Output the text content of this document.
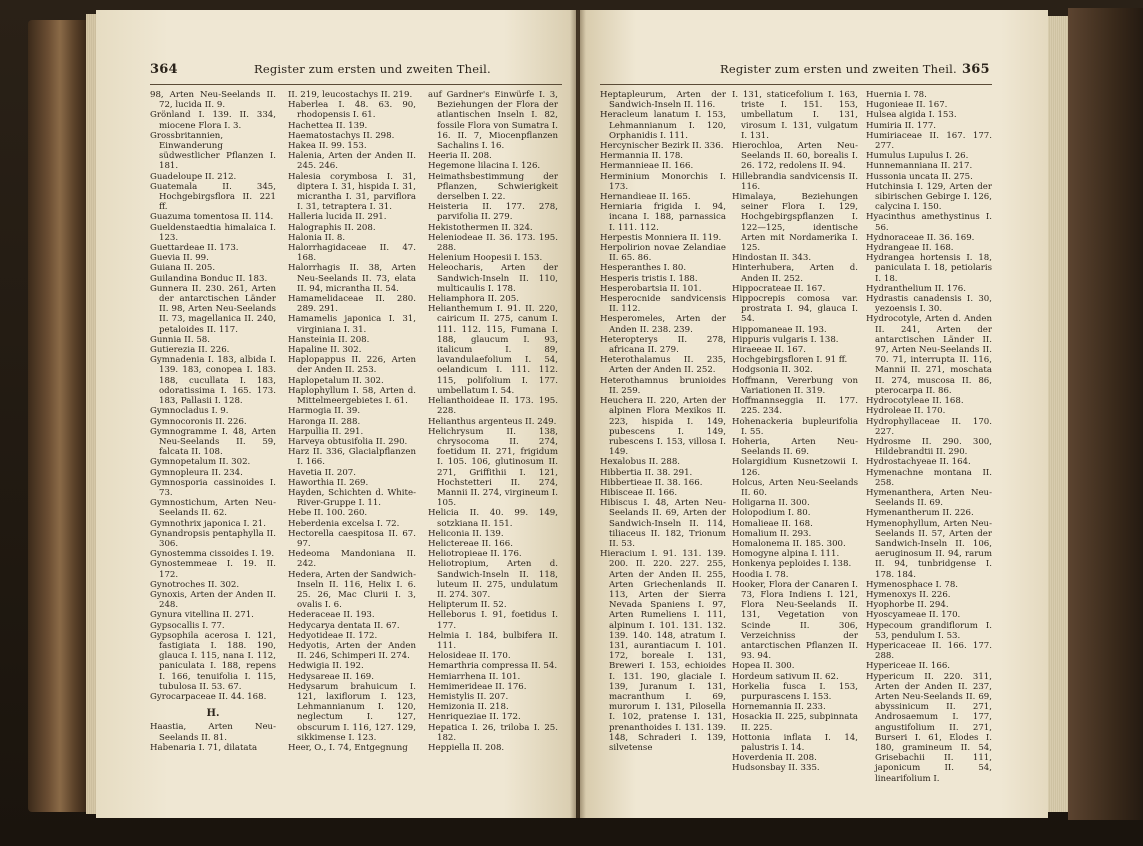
364	Register zum ersten und zweiten Theil.

98, Arten Neu-Seelands II. 72, lucida II. 9.

Grönland I. 139. II. 334, miocene Flora I. 3.

Grossbritannien, Einwanderung südwestlicher Pflanzen I. 181.

Guadeloupe II. 212.

Guatemala II. 345, Hochgebirgsflora II. 221 ff.

Guazuma tomentosa II. 114.

Gueldenstaedtia himalaica I. 123.

Guettardeae II. 173.

Guevia II. 99.

Guiana II. 205.

Guilandina Bonduc II. 183.

Gunnera II. 230. 261, Arten der antarctischen Länder II. 98, Arten Neu-Seelands II. 73, magellanica II. 240, petaloides II. 117.

Gunnia II. 58.

Gutierezia II. 226.

Gymnadenia I. 183, albida I. 139. 183, conopea I. 183. 188, cucullata I. 183, odoratissima I. 165. 173. 183, Pallasii I. 128.

Gymnocladus I. 9.

Gymnocoronis II. 226.

Gymnogramme I. 48, Arten Neu-Seelands II. 59, falcata II. 108.

Gymnopetalum II. 302.

Gymnopleura II. 234.

Gymnosporia cassinoides I. 73.

Gymnostichum, Arten Neu-Seelands II. 62.

Gymnothrix japonica I. 21.

Gynandropsis pentaphylla II. 306.

Gynostemma cissoides I. 19.

Gynostemmeae I. 19. II. 172.

Gynotroches II. 302.

Gynoxis, Arten der Anden II. 248.

Gynura vitellina II. 271.

Gypsocallis I. 77.

Gypsophila acerosa I. 121, fastigiata I. 188. 190, glauca I. 115, nana I. 112, paniculata I. 188, repens I. 166, tenuifolia I. 115, tubulosa II. 53. 67.

Gyrocarpaceae II. 44. 168.

H.

Haastia, Arten Neu-Seelands II. 81.

Habenaria I. 71, dilatata

II. 219, leucostachys II. 219.

Haberlea I. 48. 63. 90, rhodopensis I. 61.

Hachettea II. 139.

Haematostachys II. 298.

Hakea II. 99. 153.

Halenia, Arten der Anden II. 245. 246.

Halesia corymbosa I. 31, diptera I. 31, hispida I. 31, micrantha I. 31, parviflora I. 31, tetraptera I. 31.

Halleria lucida II. 291.

Halographis II. 208.

Halonia II. 8.

Halorrhagidaceae II. 47. 168.

Halorrhagis II. 38, Arten Neu-Seelands II. 73, elata II. 94, micrantha II. 54.

Hamamelidaceae II. 280. 289. 291.

Hamamelis japonica I. 31, virginiana I. 31.

Hansteinia II. 208.

Hapaline II. 302.

Haplopappus II. 226, Arten der Anden II. 253.

Haplopetalum II. 302.

Haplophyllum I. 58, Arten d. Mittelmeergebietes I. 61.

Harmogia II. 39.

Haronga II. 288.

Harpullia II. 291.

Harveya obtusifolia II. 290.

Harz II. 336, Glacialpflanzen I. 166.

Havetia II. 207.

Haworthia II. 269.

Hayden, Schichten d. White-River-Gruppe I. 11.

Hebe II. 100. 260.

Heberdenia excelsa I. 72.

Hectorella caespitosa II. 67. 97.

Hedeoma Mandoniana II. 242.

Hedera, Arten der Sandwich-Inseln II. 116, Helix I. 6. 25. 26, Mac Clurii I. 3, ovalis I. 6.

Hederaceae II. 193.

Hedycarya dentata II. 67.

Hedyotideae II. 172.

Hedyotis, Arten der Anden II. 246, Schimperi II. 274.

Hedwigia II. 192.

Hedysareae II. 169.

Hedysarum brahuicum I. 121, laxiflorum I. 123, Lehmannianum I. 120, neglectum I. 127, obscurum I. 116, 127. 129, sikkimense I. 123.

Heer, O., I. 74, Entgegnung

auf Gardner's Einwürfe I. 3, Beziehungen der Flora der atlantischen Inseln I. 82, fossile Flora von Sumatra I. 16. II. 7, Miocenpflanzen Sachalins I. 16.

Heeria II. 208.

Hegemone lilacina I. 126.

Heimathsbestimmung der Pflanzen, Schwierigkeit derselben I. 22.

Heisteria II. 177. 278, parvifolia II. 279.

Hekistothermen II. 324.

Heleniodeae II. 36. 173. 195. 288.

Helenium Hoopesii I. 153.

Heleocharis, Arten der Sandwich-Inseln II. 110, multicaulis I. 178.

Heliamphora II. 205.

Helianthemum I. 91. II. 220, cairicum II. 275, canum I. 111. 112. 115, Fumana I. 188, glaucum I. 93, italicum I. 89, lavandulaefolium I. 54, oelandicum I. 111. 112. 115, polifolium I. 177. umbellatum I. 54.

Helianthoideae II. 173. 195. 228.

Helianthus argenteus II. 249.

Helichrysum II. 138, chrysocoma II. 274, foetidum II. 271, frigidum I. 105. 106, glutinosum II. 271, Griffithii I. 121, Hochstetteri II. 274, Mannii II. 274, virgineum I. 105.

Helicia II. 40. 99. 149, sotzkiana II. 151.

Heliconia II. 139.

Helictereae II. 166.

Heliotropieae II. 176.

Heliotropium, Arten d. Sandwich-Inseln II. 118, luteum II. 275, undulatum II. 274. 307.

Helipterum II. 52.

Helleborus I. 91, foetidus I. 177.

Helmia I. 184, bulbifera II. 111.

Helosideae II. 170.

Hemarthria compressa II. 54.

Hemiarrhena II. 101.

Hemimerideae II. 176.

Hemistylis II. 207.

Hemizonia II. 218.

Henriqueziae II. 172.

Hepatica I. 26, triloba I. 25. 182.

Heppiella II. 208.

Register zum ersten und zweiten Theil. 365

Heptapleurum, Arten der Sandwich-Inseln II. 116.

Heracleum lanatum I. 153, Lehmannianum I. 120, Orphanidis I. 111.

Hercynischer Bezirk II. 336.

Hermannia II. 178.

Hermanniеae II. 166.

Herminium Monorchis I. 173.

Hernandieae II. 165.

Herniaria frigida I. 94, incana I. 188, parnassica I. 111. 112.

Herpestis Monniera II. 119.

Herpolirion novae Zelandiae II. 65. 86.

Hesperanthes I. 80.

Hesperis tristis I. 188.

Hesperobartsia II. 101.

Hesperocnide sandvicensis II. 112.

Hesperomeles, Arten der Anden II. 238. 239.

Heteropterys II. 278, africana II. 279.

Heterothalamus II. 235, Arten der Anden II. 252.

Heterothamnus brunioides II. 259.

Heuchera II. 220, Arten der alpinen Flora Mexikos II. 223, hispida I. 149, pubescens I. 149, rubescens I. 153, villosa I. 149.

Hexalobus II. 288.

Hibbertia II. 38. 291.

Hibbertieae II. 38. 166.

Hibisceae II. 166.

Hibiscus I. 48, Arten Neu-Seelands II. 69, Arten der Sandwich-Inseln II. 114, tiliaceus II. 182, Trionum II. 53.

Hieracium I. 91. 131. 139. 200. II. 220. 227. 255, Arten der Anden II. 255, Arten Griechenlands II. 113, Arten der Sierra Nevada Spaniens I. 97, Arten Rumeliens I. 111, alpinum I. 101. 131. 132. 139. 140. 148, atratum I. 131, aurantiacum I. 101. 172, boreale I. 131, Brewerі I. 153, echioides I. 131. 190, glaciale I. 139, Juranum I. 131, macranthum I. 69, murorum I. 131, Pilosella I. 102, pratense I. 131, prenanthoides I. 131. 139. 148, Schraderi I. 139, silvetense

I. 131, staticefolium I. 163, triste I. 151. 153, umbellatum I. 131, virosum I. 131, vulgatum I. 131.

Hierochloa, Arten Neu-Seelands II. 60, borealis I. 26. 172, redolens II. 94.

Hillebrandia sandvicensis II. 116.

Himalaya, Beziehungen seiner Flora I. 129, Hochgebirgspflanzen I. 122—125, identische Arten mit Nordamerika I. 125.

Hindostan II. 343.

Hinterhubera, Arten d. Anden II. 252.

Hippocrateae II. 167.

Hippocrepis comosa var. prostrata I. 94, glauca I. 54.

Hippomaneae II. 193.

Hippuris vulgaris I. 138.

Hiraeeae II. 167.

Hochgebirgsfloren I. 91 ff.

Hodgsonia II. 302.

Hoffmann, Vererbung von Variationen II. 319.

Hoffmannseggia II. 177. 225. 234.

Hohenackeria bupleurifolia I. 55.

Hoheria, Arten Neu-Seelands II. 69.

Holargidium Kusnetzowii I. 126.

Holcus, Arten Neu-Seelands II. 60.

Holigarna II. 300.

Holopodium I. 80.

Homalieae II. 168.

Homalium II. 293.

Homalonema II. 185. 300.

Homogyne alpina I. 111.

Honkenya peploides I. 138.

Hoodia I. 78.

Hooker, Flora der Canaren I. 73, Flora Indiens I. 121, Flora Neu-Seelands II. 131, Vegetation von Scinde II. 306, Verzeichniss der antarctischen Pflanzen II. 93. 94.

Hopea II. 300.

Hordeum sativum II. 62.

Horkelia fusca I. 153, purpurascens I. 153.

Hornemannia II. 233.

Hosackia II. 225, subpinnata II. 225.

Hottonia inflata I. 14, palustris I. 14.

Hoverdenia II. 208.

Hudsonsbay II. 335.

Huernia I. 78.

Hugonieae II. 167.

Hulsea algida I. 153.

Humiria II. 177.

Humiriaceae II. 167. 177. 277.

Humulus Lupulus I. 26.

Hunnemanniana II. 217.

Hussonia uncata II. 275.

Hutchinsia I. 129, Arten der sibirischen Gebirge I. 126, calycina I. 150.

Hyacinthus amethystinus I. 56.

Hydnoraceae II. 36. 169.

Hydrangeae II. 168.

Hydrangea hortensis I. 18, paniculata I. 18, petiolaris I. 18.

Hydranthelium II. 176.

Hydrastis canadensis I. 30, yezoensis I. 30.

Hydrocotyle, Arten d. Anden II. 241, Arten der antarctischen Länder II. 97, Arten Neu-Seelands II. 70. 71, interrupta II. 116, Mannii II. 271, moschata II. 274, muscosa II. 86, pterocarpa II. 86.

Hydrocotyleae II. 168.

Hydroleae II. 170.

Hydrophyllaceae II. 170. 227.

Hydrosme II. 290. 300, Hildebrandtii II. 290.

Hydrostachyeae II. 164.

Hymenachne montana II. 258.

Hymenanthera, Arten Neu-Seelands II. 69.

Hymenantherum II. 226.

Hymenophyllum, Arten Neu-Seelands II. 57, Arten der Sandwich-Inseln II. 106, aeruginosum II. 94, rarum II. 94, tunbridgense I. 178. 184.

Hymenosphace I. 78.

Hymenoxys II. 226.

Hyophorbe II. 294.

Hyoscyameae II. 170.

Hypecoum grandiflorum I. 53, pendulum I. 53.

Hypericaceae II. 166. 177. 288.

Hypericeae II. 166.

Hypericum II. 220. 311, Arten der Anden II. 237, Arten Neu-Seelands II. 69, abyssinicum II. 271, Androsaemum I. 177, angustifolium II. 271, Burseri I. 61, Elodes I. 180, gramineum II. 54, Grisebachii II. 111, japonicum II. 54, linearifolium I.
